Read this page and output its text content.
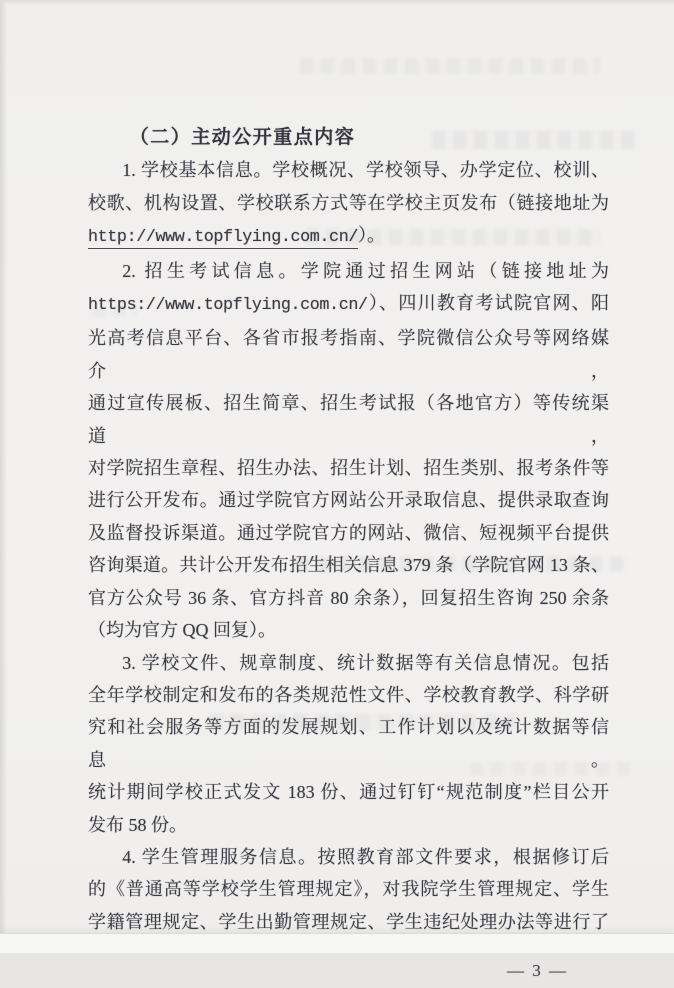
（二）主动公开重点内容
1. 学校基本信息。学校概况、学校领导、办学定位、校训、
校歌、机构设置、学校联系方式等在学校主页发布（链接地址为
http://www.topflying.com.cn/）。
2. 招生考试信息。学院通过招生网站（链接地址为
https://www.topflying.com.cn/）、四川教育考试院官网、阳
光高考信息平台、各省市报考指南、学院微信公众号等网络媒介，
通过宣传展板、招生简章、招生考试报（各地官方）等传统渠道，
对学院招生章程、招生办法、招生计划、招生类别、报考条件等
进行公开发布。通过学院官方网站公开录取信息、提供录取查询
及监督投诉渠道。通过学院官方的网站、微信、短视频平台提供
咨询渠道。共计公开发布招生相关信息 379 条（学院官网 13 条、
官方公众号 36 条、官方抖音 80 余条），回复招生咨询 250 余条
（均为官方 QQ 回复）。
3. 学校文件、规章制度、统计数据等有关信息情况。包括
全年学校制定和发布的各类规范性文件、学校教育教学、科学研
究和社会服务等方面的发展规划、工作计划以及统计数据等信息。
统计期间学校正式发文 183 份、通过钉钉“规范制度”栏目公开
发布 58 份。
4. 学生管理服务信息。按照教育部文件要求，根据修订后
的《普通高等学校学生管理规定》，对我院学生管理规定、学生
学籍管理规定、学生出勤管理规定、学生违纪处理办法等进行了
— 3 —
